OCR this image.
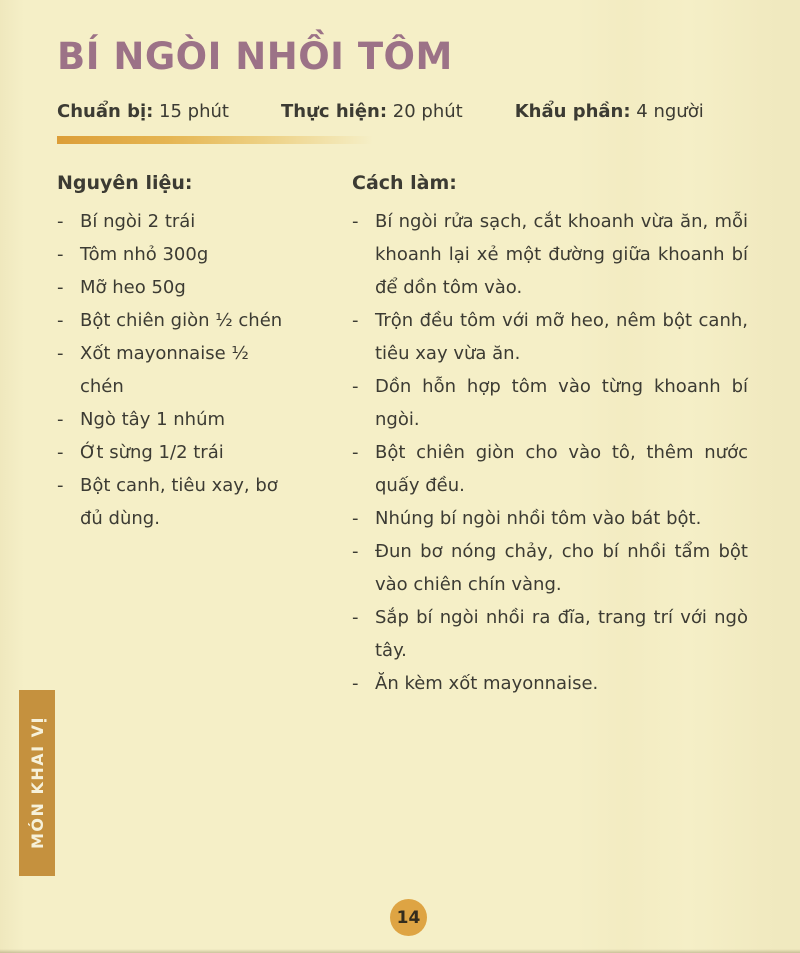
BÍ NGÒI NHỒI TÔM
Chuẩn bị: 15 phút	Thực hiện: 20 phút	Khẩu phần: 4 người
Nguyên liệu:
- Bí ngòi 2 trái
- Tôm nhỏ 300g
- Mỡ heo 50g
- Bột chiên giòn ½ chén
- Xốt mayonnaise ½ chén
- Ngò tây 1 nhúm
- Ớt sừng 1/2 trái
- Bột canh, tiêu xay, bơ đủ dùng.
Cách làm:
- Bí ngòi rửa sạch, cắt khoanh vừa ăn, mỗi khoanh lại xẻ một đường giữa khoanh bí để dồn tôm vào.
- Trộn đều tôm với mỡ heo, nêm bột canh, tiêu xay vừa ăn.
- Dồn hỗn hợp tôm vào từng khoanh bí ngòi.
- Bột chiên giòn cho vào tô, thêm nước quấy đều.
- Nhúng bí ngòi nhồi tôm vào bát bột.
- Đun bơ nóng chảy, cho bí nhồi tẩm bột vào chiên chín vàng.
- Sắp bí ngòi nhồi ra đĩa, trang trí với ngò tây.
- Ăn kèm xốt mayonnaise.
MÓN KHAI VỊ
14
